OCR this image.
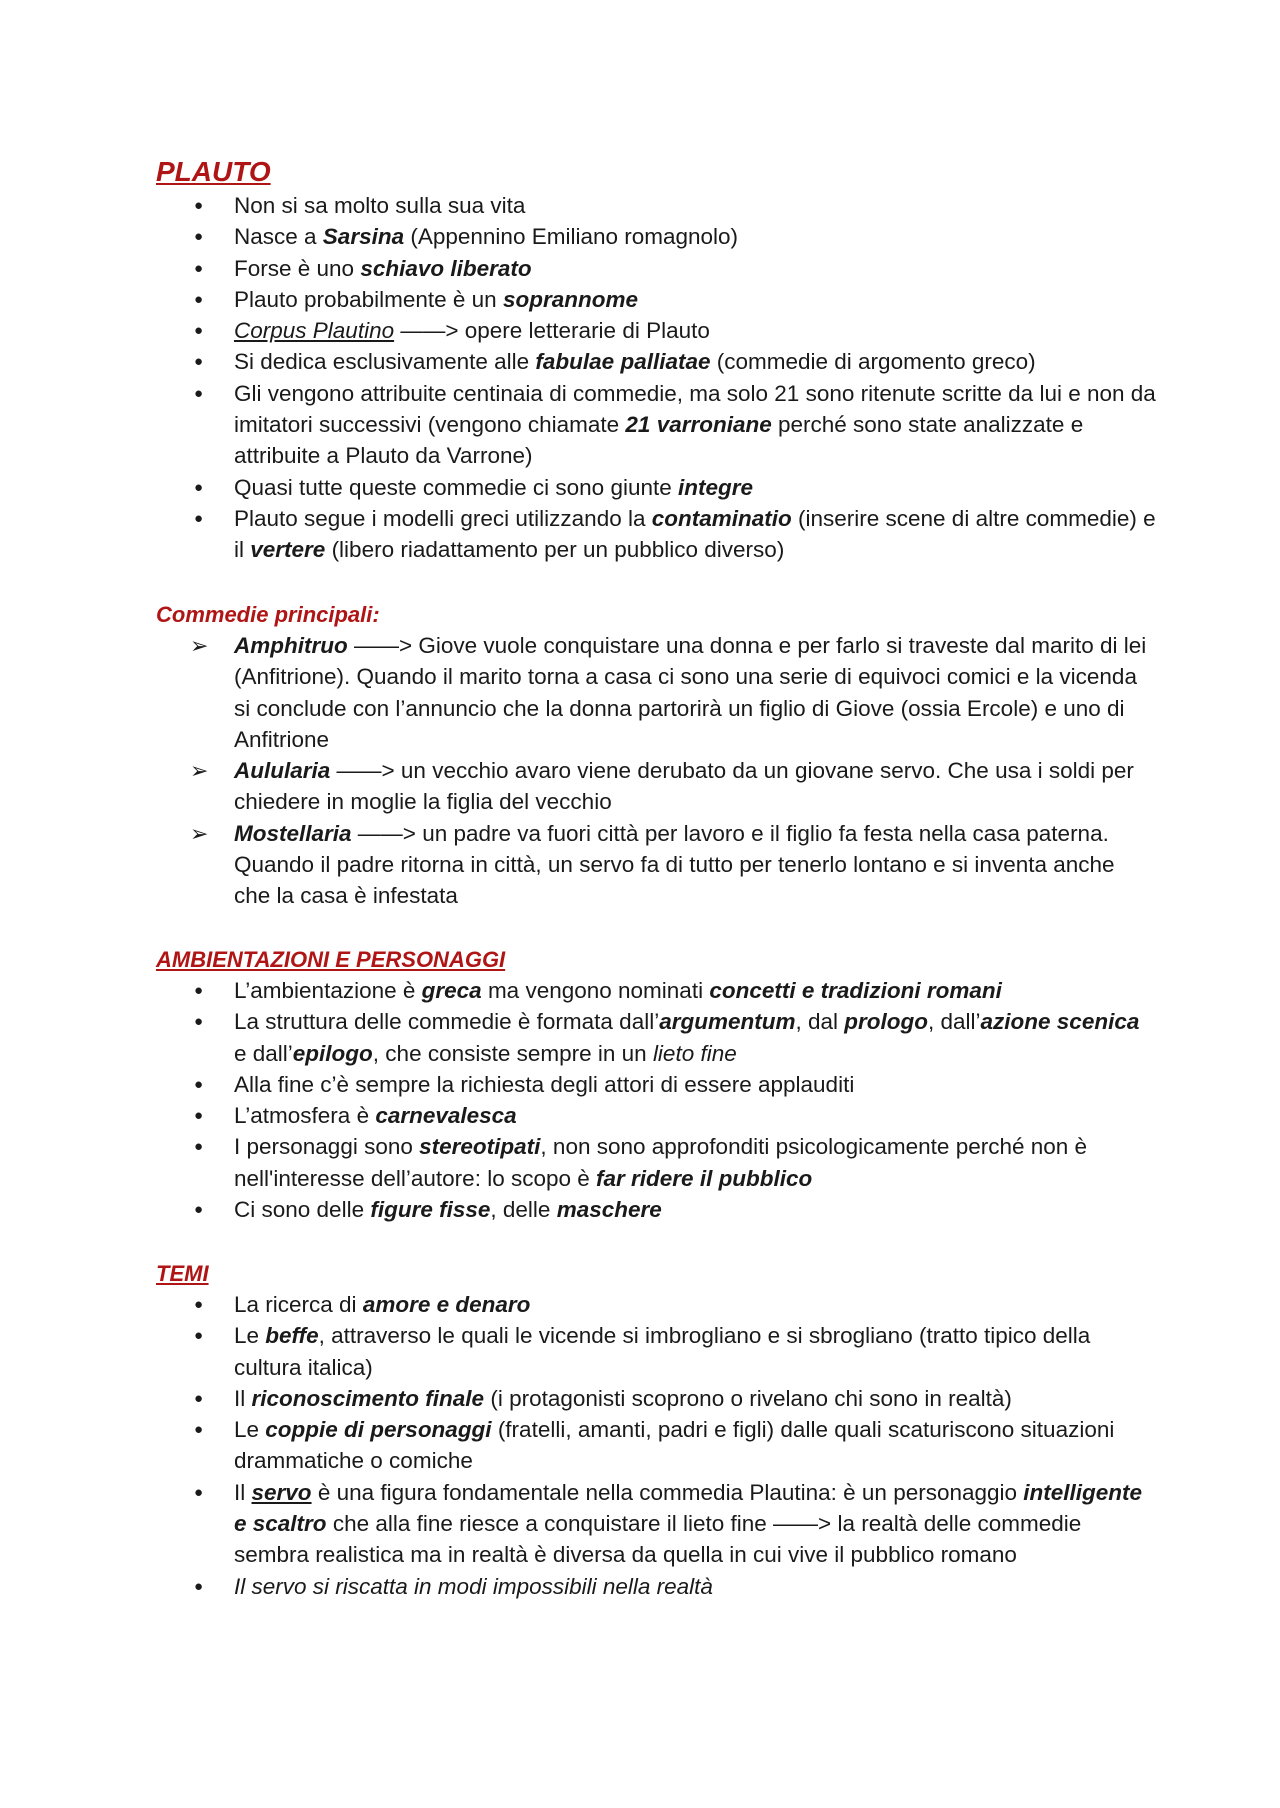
PLAUTO
● Non si sa molto sulla sua vita
● Nasce a Sarsina (Appennino Emiliano romagnolo)
● Forse è uno schiavo liberato
● Plauto probabilmente è un soprannome
● Corpus Plautino ——> opere letterarie di Plauto
● Si dedica esclusivamente alle fabulae palliatae (commedie di argomento greco)
● Gli vengono attribuite centinaia di commedie, ma solo 21 sono ritenute scritte da lui e non da imitatori successivi (vengono chiamate 21 varroniane perché sono state analizzate e attribuite a Plauto da Varrone)
● Quasi tutte queste commedie ci sono giunte integre
● Plauto segue i modelli greci utilizzando la contaminatio (inserire scene di altre commedie) e il vertere (libero riadattamento per un pubblico diverso)
Commedie principali:
➢ Amphitruo ——> Giove vuole conquistare una donna e per farlo si traveste dal marito di lei (Anfitrione). Quando il marito torna a casa ci sono una serie di equivoci comici e la vicenda si conclude con l’annuncio che la donna partorirà un figlio di Giove (ossia Ercole) e uno di Anfitrione
➢ Aulularia ——> un vecchio avaro viene derubato da un giovane servo. Che usa i soldi per chiedere in moglie la figlia del vecchio
➢ Mostellaria ——> un padre va fuori città per lavoro e il figlio fa festa nella casa paterna. Quando il padre ritorna in città, un servo fa di tutto per tenerlo lontano e si inventa anche che la casa è infestata
AMBIENTAZIONI E PERSONAGGI
● L’ambientazione è greca ma vengono nominati concetti e tradizioni romani
● La struttura delle commedie è formata dall’argumentum, dal prologo, dall’azione scenica e dall’epilogo, che consiste sempre in un lieto fine
● Alla fine c’è sempre la richiesta degli attori di essere applauditi
● L’atmosfera è carnevalesca
● I personaggi sono stereotipati, non sono approfonditi psicologicamente perché non è nell'interesse dell’autore: lo scopo è far ridere il pubblico
● Ci sono delle figure fisse, delle maschere
TEMI
● La ricerca di amore e denaro
● Le beffe, attraverso le quali le vicende si imbrogliano e si sbrogliano (tratto tipico della cultura italica)
● Il riconoscimento finale (i protagonisti scoprono o rivelano chi sono in realtà)
● Le coppie di personaggi (fratelli, amanti, padri e figli) dalle quali scaturiscono situazioni drammatiche o comiche
● Il servo è una figura fondamentale nella commedia Plautina: è un personaggio intelligente e scaltro che alla fine riesce a conquistare il lieto fine ——> la realtà delle commedie sembra realistica ma in realtà è diversa da quella in cui vive il pubblico romano
● Il servo si riscatta in modi impossibili nella realtà
